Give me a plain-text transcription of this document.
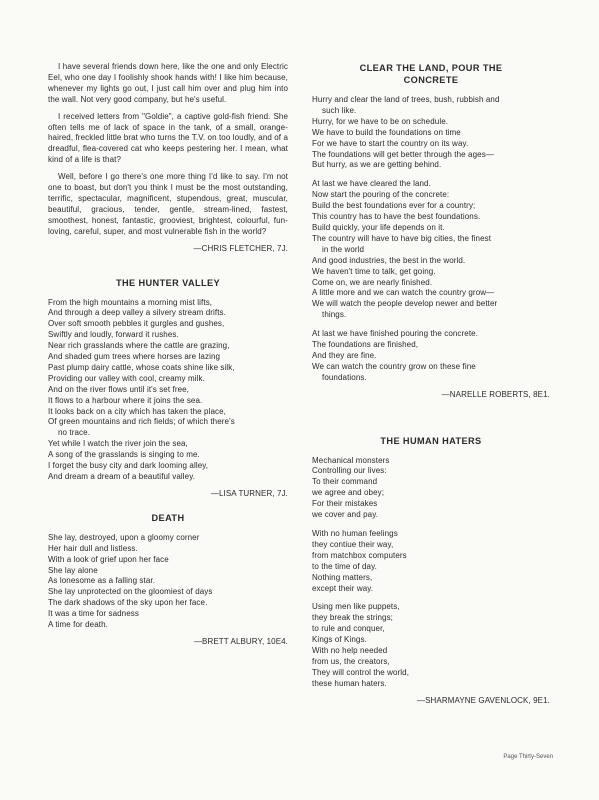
I have several friends down here, like the one and only Electric Eel, who one day I foolishly shook hands with! I like him because, whenever my lights go out, I just call him over and plug him into the wall. Not very good company, but he's useful.

I received letters from "Goldie", a captive gold-fish friend. She often tells me of lack of space in the tank, of a small, orange-haired, freckled little brat who turns the T.V. on too loudly, and of a dreadful, flea-covered cat who keeps pestering her. I mean, what kind of a life is that?

Well, before I go there's one more thing I'd like to say. I'm not one to boast, but don't you think I must be the most outstanding, terrific, spectacular, magnificent, stupendous, great, muscular, beautiful, gracious, tender, gentle, stream-lined, fastest, smoothest, honest, fantastic, grooviest, brightest, colourful, fun-loving, careful, super, and most vulnerable fish in the world?

—CHRIS FLETCHER, 7J.

THE HUNTER VALLEY

From the high mountains a morning mist lifts,
And through a deep valley a silvery stream drifts.
Over soft smooth pebbles it gurgles and gushes,
Swiftly and loudly, forward it rushes.
Near rich grasslands where the cattle are grazing,
And shaded gum trees where horses are lazing
Past plump dairy cattle, whose coats shine like silk,
Providing our valley with cool, creamy milk.
And on the river flows until it's set free,
It flows to a harbour where it joins the sea.
It looks back on a city which has taken the place,
Of green mountains and rich fields; of which there's
no trace.
Yet while I watch the river join the sea,
A song of the grasslands is singing to me.
I forget the busy city and dark looming alley,
And dream a dream of a beautiful valley.

—LISA TURNER, 7J.

DEATH

She lay, destroyed, upon a gloomy corner
Her hair dull and listless.
With a look of grief upon her face
She lay alone
As lonesome as a falling star.
She lay unprotected on the gloomiest of days
The dark shadows of the sky upon her face.
It was a time for sadness
A time for death.

—BRETT ALBURY, 10E4.

CLEAR THE LAND, POUR THE
CONCRETE

Hurry and clear the land of trees, bush, rubbish and
such like.
Hurry, for we have to be on schedule.
We have to build the foundations on time
For we have to start the country on its way.
The foundations will get better through the ages—
But hurry, as we are getting behind.
At last we have cleared the land.
Now start the pouring of the concrete:
Build the best foundations ever for a country;
This country has to have the best foundations.
Build quickly, your life depends on it.
The country will have to have big cities, the finest
in the world
And good industries, the best in the world.
We haven't time to talk, get going.
Come on, we are nearly finished.
A little more and we can watch the country grow—
We will watch the people develop newer and better
things.
At last we have finished pouring the concrete.
The foundations are finished,
And they are fine.
We can watch the country grow on these fine
foundations.

—NARELLE ROBERTS, 8E1.

THE HUMAN HATERS

Mechanical monsters
Controlling our lives:
To their command
we agree and obey;
For their mistakes
we cover and pay.
With no human feelings
they contiue their way,
from matchbox computers
to the time of day.
Nothing matters,
except their way.
Using men like puppets,
they break the strings;
to rule and conquer,
Kings of Kings.
With no help needed
from us, the creators,
They will control the world,
these human haters.

—SHARMAYNE GAVENLOCK, 9E1.

Page Thirty-Seven
